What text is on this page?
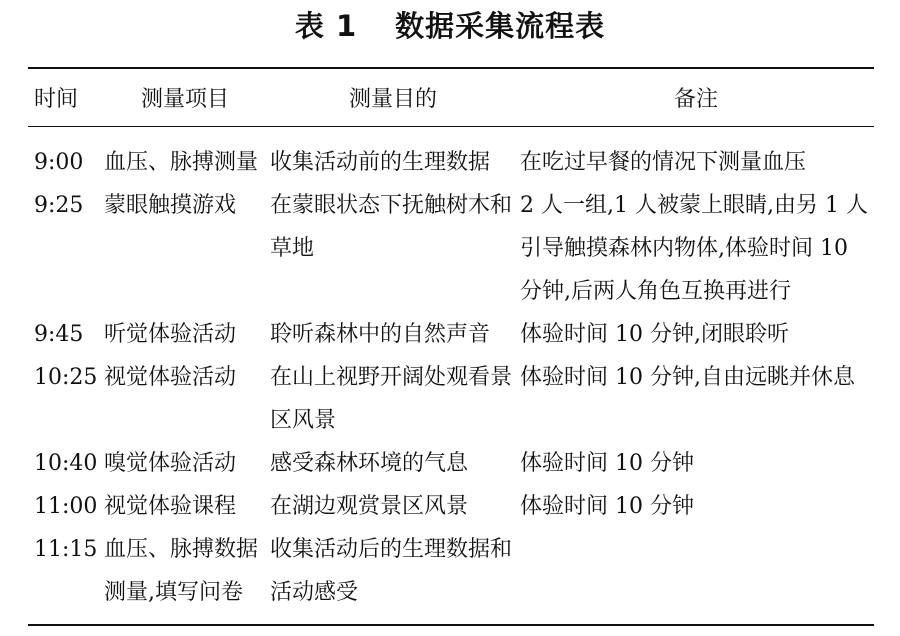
表 1 数据采集流程表
时间	测量项目	测量目的	备注
9:00	血压、脉搏测量	收集活动前的生理数据	在吃过早餐的情况下测量血压
9:25	蒙眼触摸游戏	在蒙眼状态下抚触树木和草地	2 人一组,1 人被蒙上眼睛,由另 1 人引导触摸森林内物体,体验时间 10 分钟,后两人角色互换再进行
9:45	听觉体验活动	聆听森林中的自然声音	体验时间 10 分钟,闭眼聆听
10:25	视觉体验活动	在山上视野开阔处观看景区风景	体验时间 10 分钟,自由远眺并休息
10:40	嗅觉体验活动	感受森林环境的气息	体验时间 10 分钟
11:00	视觉体验课程	在湖边观赏景区风景	体验时间 10 分钟
11:15	血压、脉搏数据测量,填写问卷	收集活动后的生理数据和活动感受	
